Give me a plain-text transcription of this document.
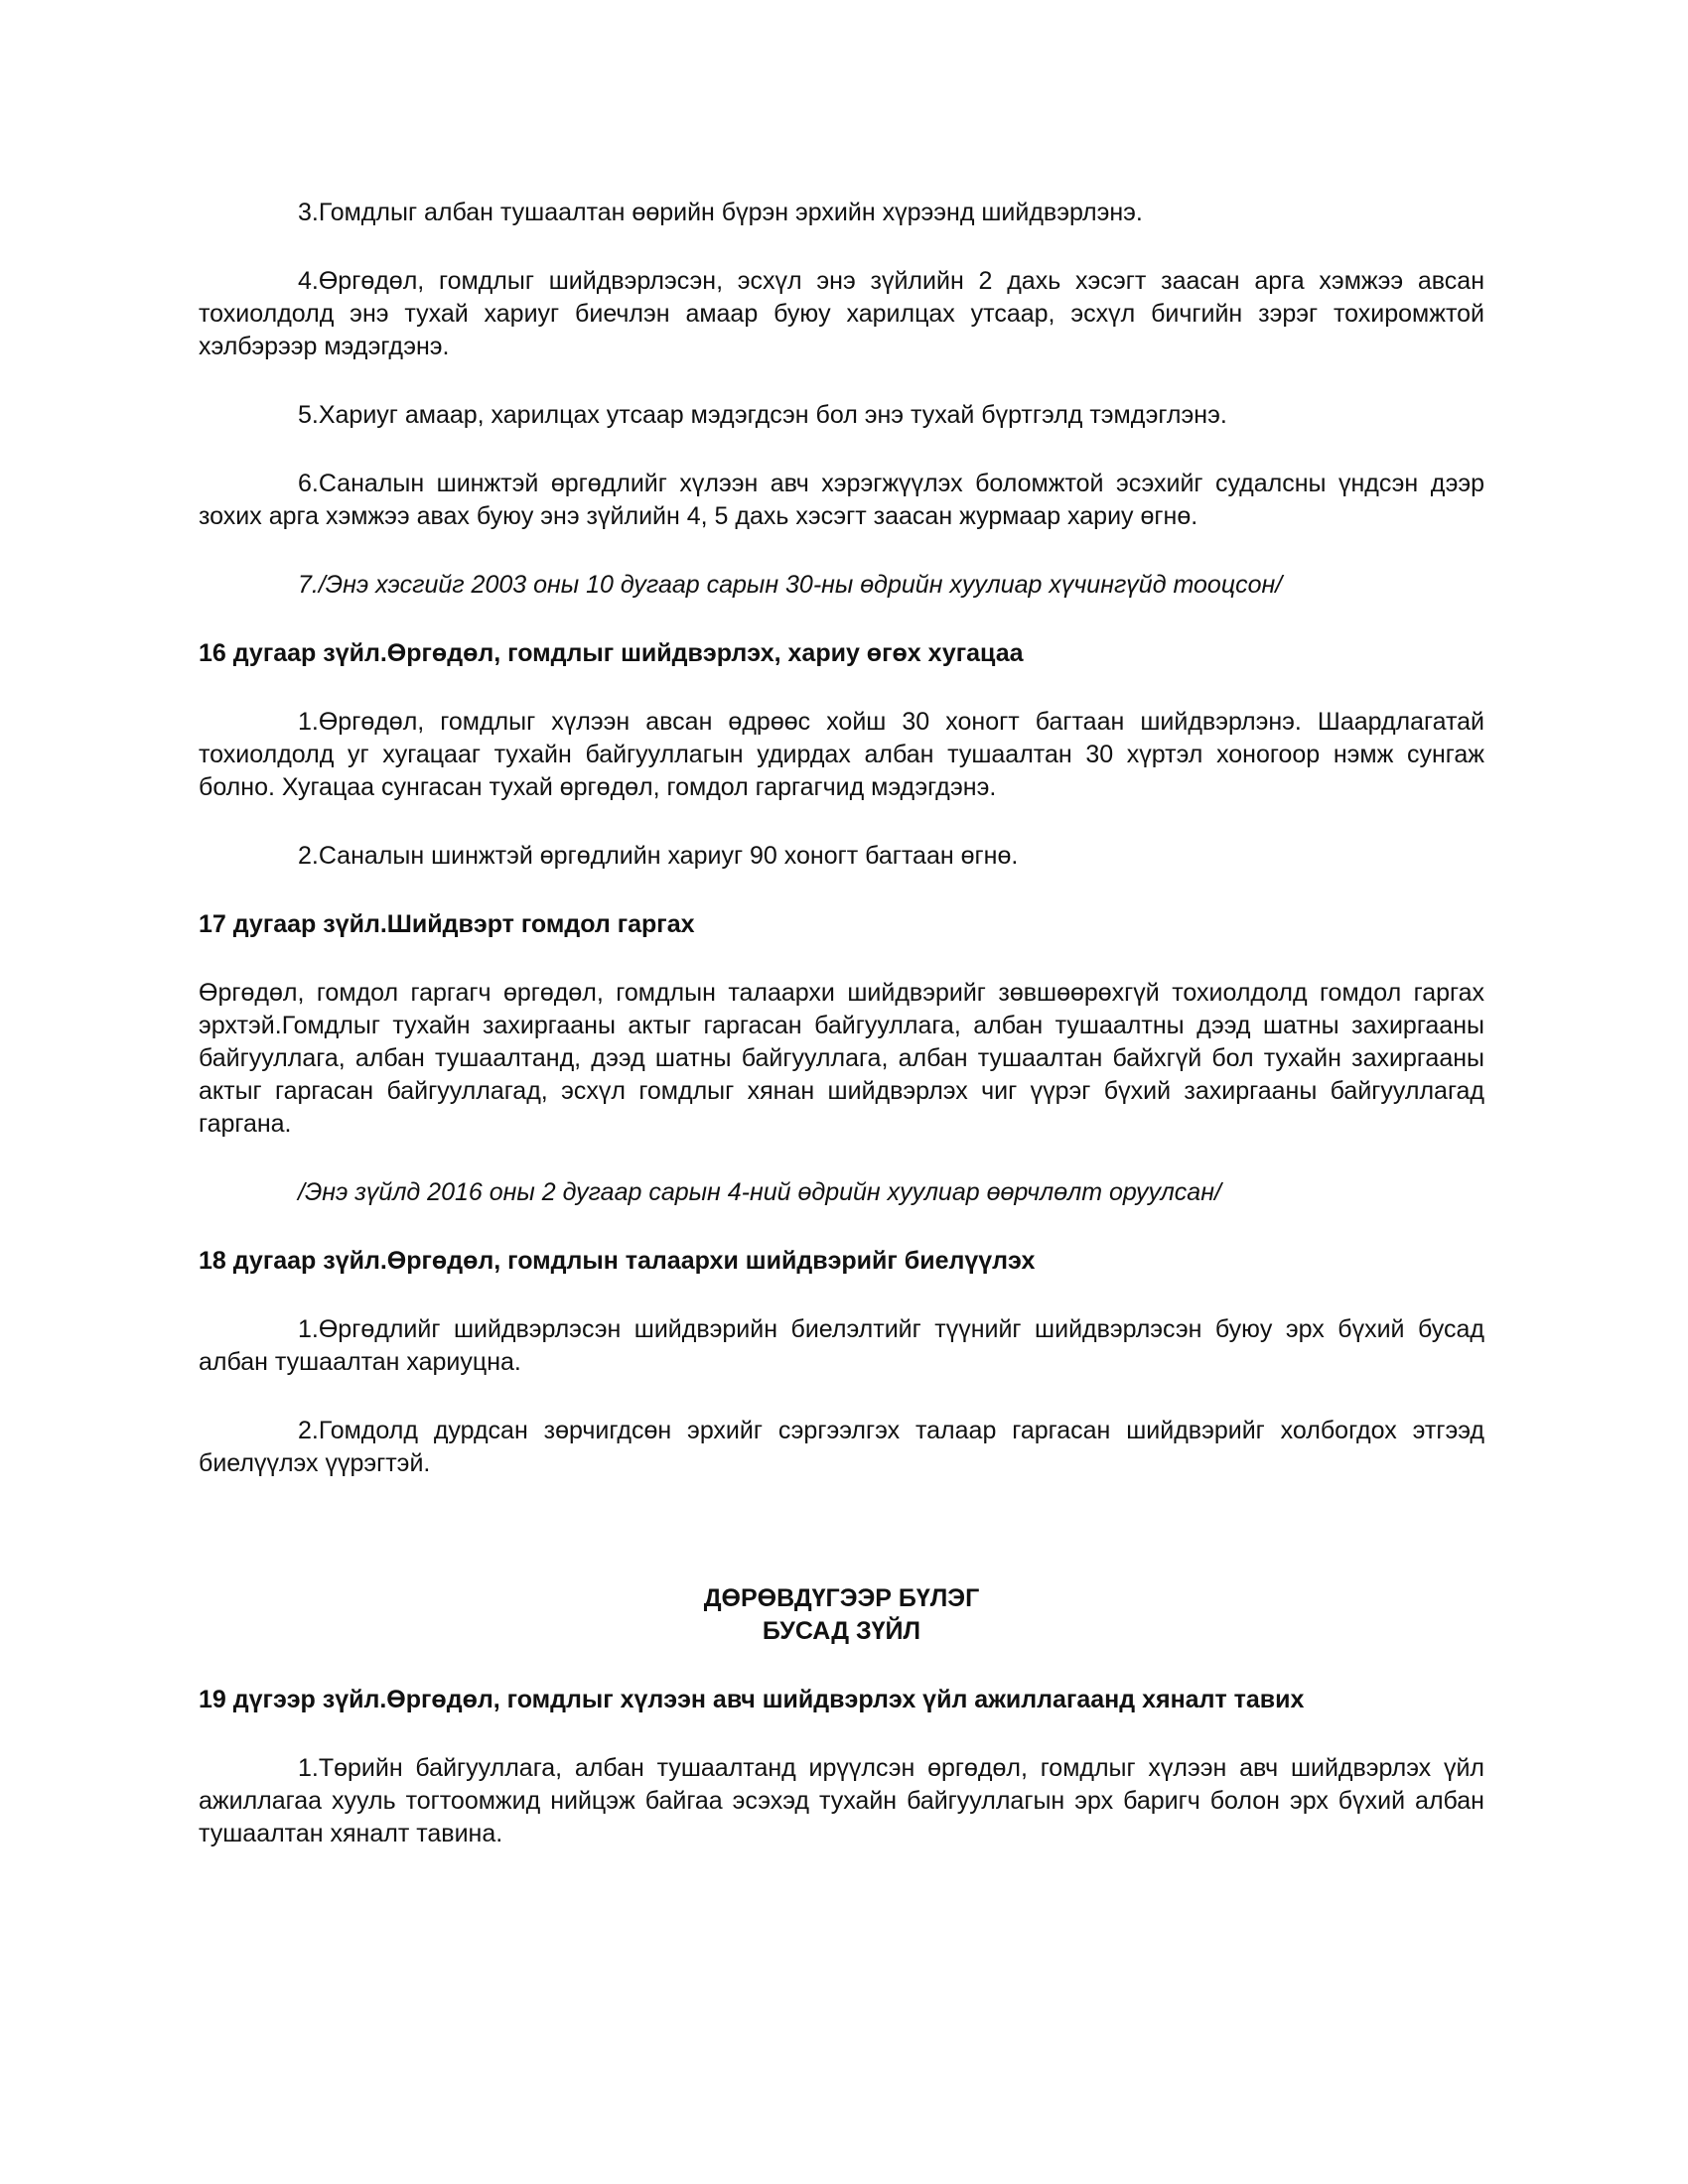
3.Гомдлыг албан тушаалтан өөрийн бүрэн эрхийн хүрээнд шийдвэрлэнэ.

4.Өргөдөл, гомдлыг шийдвэрлэсэн, эсхүл энэ зүйлийн 2 дахь хэсэгт заасан арга хэмжээ авсан тохиолдолд энэ тухай хариуг биечлэн амаар буюу харилцах утсаар, эсхүл бичгийн зэрэг тохиромжтой хэлбэрээр мэдэгдэнэ.

5.Хариуг амаар, харилцах утсаар мэдэгдсэн бол энэ тухай бүртгэлд тэмдэглэнэ.

6.Саналын шинжтэй өргөдлийг хүлээн авч хэрэгжүүлэх боломжтой эсэхийг судалсны үндсэн дээр зохих арга хэмжээ авах буюу энэ зүйлийн 4, 5 дахь хэсэгт заасан журмаар хариу өгнө.

7./Энэ хэсгийг 2003 оны 10 дугаар сарын 30-ны өдрийн хуулиар хүчингүйд тооцсон/

16 дугаар зүйл.Өргөдөл, гомдлыг шийдвэрлэх, хариу өгөх хугацаа

1.Өргөдөл, гомдлыг хүлээн авсан өдрөөс хойш 30 хоногт багтаан шийдвэрлэнэ. Шаардлагатай тохиолдолд уг хугацааг тухайн байгууллагын удирдах албан тушаалтан 30 хүртэл хоногоор нэмж сунгаж болно. Хугацаа сунгасан тухай өргөдөл, гомдол гаргагчид мэдэгдэнэ.

2.Саналын шинжтэй өргөдлийн хариуг 90 хоногт багтаан өгнө.

17 дугаар зүйл.Шийдвэрт гомдол гаргах

Өргөдөл, гомдол гаргагч өргөдөл, гомдлын талаархи шийдвэрийг зөвшөөрөхгүй тохиолдолд гомдол гаргах эрхтэй.Гомдлыг тухайн захиргааны актыг гаргасан байгууллага, албан тушаалтны дээд шатны захиргааны байгууллага, албан тушаалтанд, дээд шатны байгууллага, албан тушаалтан байхгүй бол тухайн захиргааны актыг гаргасан байгууллагад, эсхүл гомдлыг хянан шийдвэрлэх чиг үүрэг бүхий захиргааны байгууллагад гаргана.

/Энэ зүйлд 2016 оны 2 дугаар сарын 4-ний өдрийн хуулиар өөрчлөлт оруулсан/

18 дугаар зүйл.Өргөдөл, гомдлын талаархи шийдвэрийг биелүүлэх

1.Өргөдлийг шийдвэрлэсэн шийдвэрийн биелэлтийг түүнийг шийдвэрлэсэн буюу эрх бүхий бусад албан тушаалтан хариуцна.

2.Гомдолд дурдсан зөрчигдсөн эрхийг сэргээлгэх талаар гаргасан шийдвэрийг холбогдох этгээд биелүүлэх үүрэгтэй.

ДӨРӨВДҮГЭЭР БҮЛЭГ
БУСАД ЗҮЙЛ

19 дүгээр зүйл.Өргөдөл, гомдлыг хүлээн авч шийдвэрлэх үйл ажиллагаанд хяналт тавих

1.Төрийн байгууллага, албан тушаалтанд ирүүлсэн өргөдөл, гомдлыг хүлээн авч шийдвэрлэх үйл ажиллагаа хууль тогтоомжид нийцэж байгаа эсэхэд тухайн байгууллагын эрх баригч болон эрх бүхий албан тушаалтан хяналт тавина.
